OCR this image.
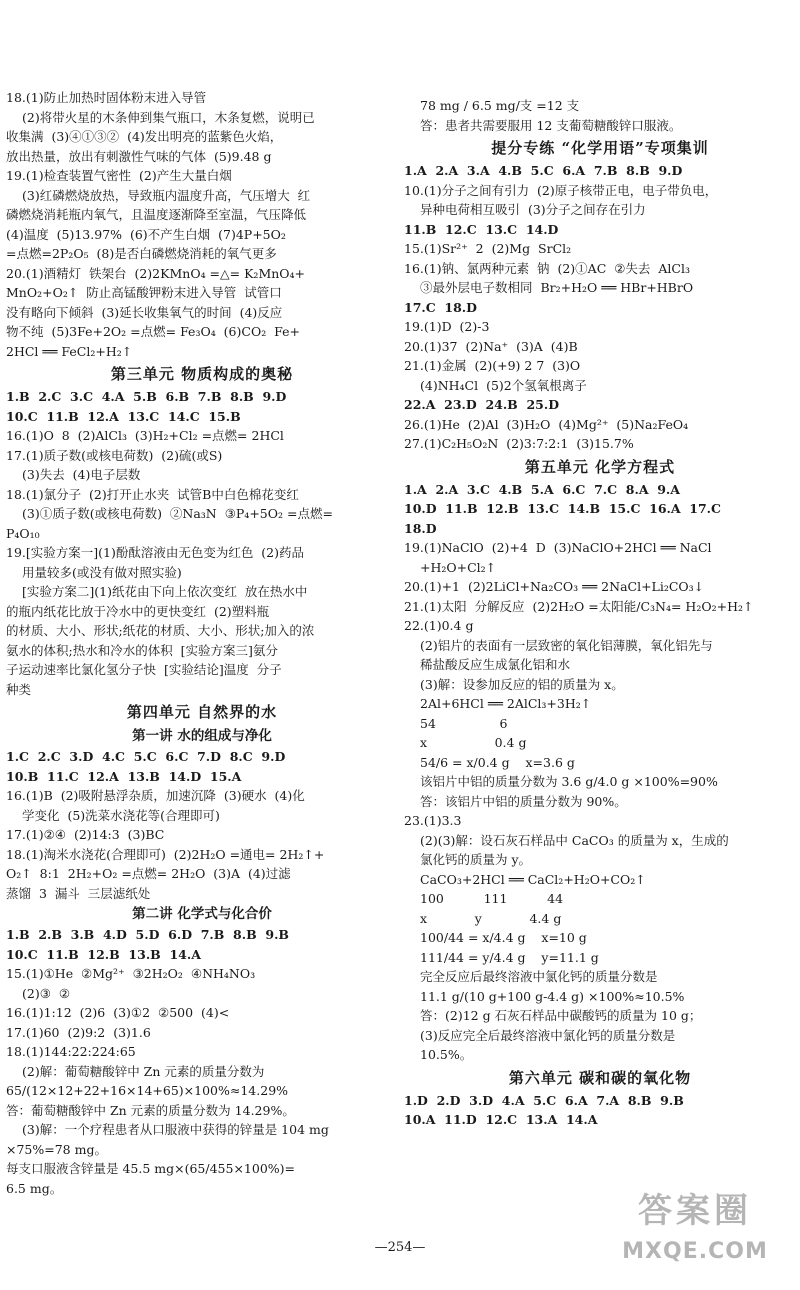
18.(1)防止加热时固体粉末进入导管
(2)将带火星的木条伸到集气瓶口，木条复燃，说明已
收集满  (3)④①③②  (4)发出明亮的蓝紫色火焰，
放出热量，放出有刺激性气味的气体  (5)9.48 g
19.(1)检查装置气密性  (2)产生大量白烟
(3)红磷燃烧放热，导致瓶内温度升高，气压增大  红
磷燃烧消耗瓶内氧气，且温度逐渐降至室温，气压降低
(4)温度  (5)13.97%  (6)不产生白烟  (7)4P+5O₂
=点燃=2P₂O₅  (8)是否白磷燃烧消耗的氧气更多
20.(1)酒精灯  铁架台  (2)2KMnO₄ =△= K₂MnO₄+
MnO₂+O₂↑  防止高锰酸钾粉末进入导管  试管口
没有略向下倾斜  (3)延长收集氧气的时间  (4)反应
物不纯  (5)3Fe+2O₂ =点燃= Fe₃O₄  (6)CO₂  Fe+
2HCl ══ FeCl₂+H₂↑
第三单元 物质构成的奥秘
1.B  2.C  3.C  4.A  5.B  6.B  7.B  8.B  9.D
10.C  11.B  12.A  13.C  14.C  15.B
16.(1)O  8  (2)AlCl₃  (3)H₂+Cl₂ =点燃= 2HCl
17.(1)质子数(或核电荷数)  (2)硫(或S)
(3)失去  (4)电子层数
18.(1)氯分子  (2)打开止水夹  试管B中白色棉花变红
(3)①质子数(或核电荷数)  ②Na₃N  ③P₄+5O₂ =点燃=
P₄O₁₀
19.[实验方案一](1)酚酞溶液由无色变为红色  (2)药品
用量较多(或没有做对照实验)
[实验方案二](1)纸花由下向上依次变红  放在热水中
的瓶内纸花比放于冷水中的更快变红  (2)塑料瓶
的材质、大小、形状;纸花的材质、大小、形状;加入的浓
氨水的体积;热水和冷水的体积  [实验方案三]氨分
子运动速率比氯化氢分子快  [实验结论]温度  分子
种类
第四单元 自然界的水
第一讲 水的组成与净化
1.C  2.C  3.D  4.C  5.C  6.C  7.D  8.C  9.D
10.B  11.C  12.A  13.B  14.D  15.A
16.(1)B  (2)吸附悬浮杂质，加速沉降  (3)硬水  (4)化
学变化  (5)洗菜水浇花等(合理即可)
17.(1)②④  (2)14:3  (3)BC
18.(1)淘米水浇花(合理即可)  (2)2H₂O =通电= 2H₂↑+
O₂↑  8:1  2H₂+O₂ =点燃= 2H₂O  (3)A  (4)过滤
蒸馏  3  漏斗  三层滤纸处
第二讲 化学式与化合价
1.B  2.B  3.B  4.D  5.D  6.D  7.B  8.B  9.B
10.C  11.B  12.B  13.B  14.A
15.(1)①He  ②Mg²⁺  ③2H₂O₂  ④NH₄NO₃
(2)③  ②
16.(1)1:12  (2)6  (3)①2  ②500  (4)<
17.(1)60  (2)9:2  (3)1.6
18.(1)144:22:224:65
(2)解：葡萄糖酸锌中 Zn 元素的质量分数为
65/(12×12+22+16×14+65)×100%≈14.29%
答：葡萄糖酸锌中 Zn 元素的质量分数为 14.29%。
(3)解：一个疗程患者从口服液中获得的锌量是 104 mg
×75%=78 mg。
每支口服液含锌量是 45.5 mg×(65/455×100%)=
6.5 mg。
78 mg / 6.5 mg/支 =12 支
答：患者共需要服用 12 支葡萄糖酸锌口服液。
提分专练 “化学用语”专项集训
1.A  2.A  3.A  4.B  5.C  6.A  7.B  8.B  9.D
10.(1)分子之间有引力  (2)原子核带正电，电子带负电，
异种电荷相互吸引  (3)分子之间存在引力
11.B  12.C  13.C  14.D
15.(1)Sr²⁺  2  (2)Mg  SrCl₂
16.(1)钠、氯两种元素  钠  (2)①AC  ②失去  AlCl₃
③最外层电子数相同  Br₂+H₂O ══ HBr+HBrO
17.C  18.D
19.(1)D  (2)-3
20.(1)37  (2)Na⁺  (3)A  (4)B
21.(1)金属  (2)(+9) 2 7  (3)O
(4)NH₄Cl  (5)2个氢氧根离子
22.A  23.D  24.B  25.D
26.(1)He  (2)Al  (3)H₂O  (4)Mg²⁺  (5)Na₂FeO₄
27.(1)C₂H₅O₂N  (2)3:7:2:1  (3)15.7%
第五单元 化学方程式
1.A  2.A  3.C  4.B  5.A  6.C  7.C  8.A  9.A
10.D  11.B  12.B  13.C  14.B  15.C  16.A  17.C
18.D
19.(1)NaClO  (2)+4  D  (3)NaClO+2HCl ══ NaCl
+H₂O+Cl₂↑
20.(1)+1  (2)2LiCl+Na₂CO₃ ══ 2NaCl+Li₂CO₃↓
21.(1)太阳  分解反应  (2)2H₂O =太阳能/C₃N₄= H₂O₂+H₂↑
22.(1)0.4 g
(2)铝片的表面有一层致密的氧化铝薄膜，氧化铝先与
稀盐酸反应生成氯化铝和水
(3)解：设参加反应的铝的质量为 x。
2Al+6HCl ══ 2AlCl₃+3H₂↑
54                6
x                 0.4 g
54/6 = x/0.4 g    x=3.6 g
该铝片中铝的质量分数为 3.6 g/4.0 g ×100%=90%
答：该铝片中铝的质量分数为 90%。
23.(1)3.3
(2)(3)解：设石灰石样品中 CaCO₃ 的质量为 x，生成的
氯化钙的质量为 y。
CaCO₃+2HCl ══ CaCl₂+H₂O+CO₂↑
100          111          44
x            y            4.4 g
100/44 = x/4.4 g    x=10 g
111/44 = y/4.4 g    y=11.1 g
完全反应后最终溶液中氯化钙的质量分数是
11.1 g/(10 g+100 g-4.4 g) ×100%≈10.5%
答：(2)12 g 石灰石样品中碳酸钙的质量为 10 g；
(3)反应完全后最终溶液中氯化钙的质量分数是
10.5%。
第六单元 碳和碳的氧化物
1.D  2.D  3.D  4.A  5.C  6.A  7.A  8.B  9.B
10.A  11.D  12.C  13.A  14.A
—254—
答案圈
MXQE.COM
